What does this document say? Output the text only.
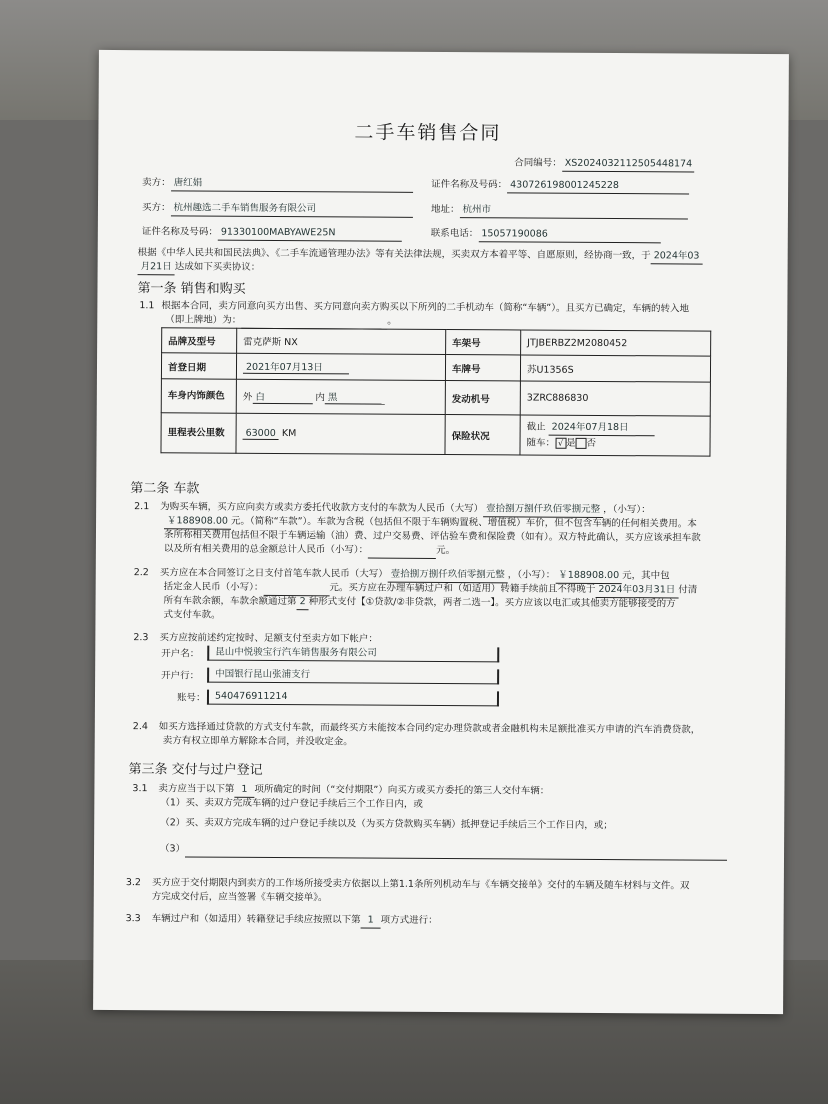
二手车销售合同
合同编号： XS2024032112505448174
卖方： 唐红娟	证件名称及号码： 430726198001245228
买方： 杭州趣选二手车销售服务有限公司	地址： 杭州市
证件名称及号码： 91330100MABYAWE25N	联系电话： 15057190086
根据《中华人民共和国民法典》、《二手车流通管理办法》等有关法律法规，买卖双方本着平等、自愿原则，经协商一致，于 2024年03
月21日 达成如下买卖协议：
第一条 销售和购买
1.1 根据本合同，卖方同意向买方出售、买方同意向卖方购买以下所列的二手机动车（简称“车辆”）。且买方已确定，车辆的转入地
（即上牌地）为：	。
品牌及型号	雷克萨斯 NX	车架号	JTJBERBZ2M2080452
首登日期	2021年07月13日	车牌号	苏U1356S
车身内饰颜色	外 白 内 黑	发动机号	3ZRC886830
里程表公里数	63000 KM	保险状况	截止 2024年07月18日
随车： √ 是 否
第二条 车款
2.1 为购买车辆，买方应向卖方或卖方委托代收款方支付的车款为人民币（大写） 壹拾捌万捌仟玖佰零捌元整 ，（小写）：
￥188908.00 元。（简称“车款”）。车款为含税（包括但不限于车辆购置税、增值税）车价，但不包含车辆的任何相关费用。本
条所称相关费用包括但不限于车辆运输（油）费、过户交易费、评估验车费和保险费（如有）。双方特此确认，买方应该承担车款
以及所有相关费用的总金额总计人民币（小写）：	元。
2.2 买方应在本合同签订之日支付首笔车款人民币（大写） 壹拾捌万捌仟玖佰零捌元整 ，（小写）： ￥188908.00 元，其中包
括定金人民币（小写）：	元。买方应在办理车辆过户和（如适用）转籍手续前且不得晚于 2024年03月31日 付清
所有车款余额，车款余额通过第 2 种形式支付【①贷款/②非贷款，两者二选一】。买方应该以电汇或其他卖方能够接受的方
式支付车款。
2.3 买方应按前述约定按时、足额支付至卖方如下帐户：
开户名：	昆山中悦骏宝行汽车销售服务有限公司
开户行：	中国银行昆山张浦支行
账号： 540476911214
2.4 如买方选择通过贷款的方式支付车款，而最终买方未能按本合同约定办理贷款或者金融机构未足额批准买方申请的汽车消费贷款，
卖方有权立即单方解除本合同，并没收定金。
第三条 交付与过户登记
3.1 卖方应当于以下第 1 项所确定的时间（“交付期限”）向买方或买方委托的第三人交付车辆：
（1）买、卖双方完成车辆的过户登记手续后三个工作日内，或
（2）买、卖双方完成车辆的过户登记手续以及（为买方贷款购买车辆）抵押登记手续后三个工作日内，或；
（3）
3.2 买方应于交付期限内到卖方的工作场所接受卖方依据以上第1.1条所列机动车与《车辆交接单》交付的车辆及随车材料与文件。双
方完成交付后，应当签署《车辆交接单》。
3.3 车辆过户和（如适用）转籍登记手续应按照以下第 1 项方式进行：
